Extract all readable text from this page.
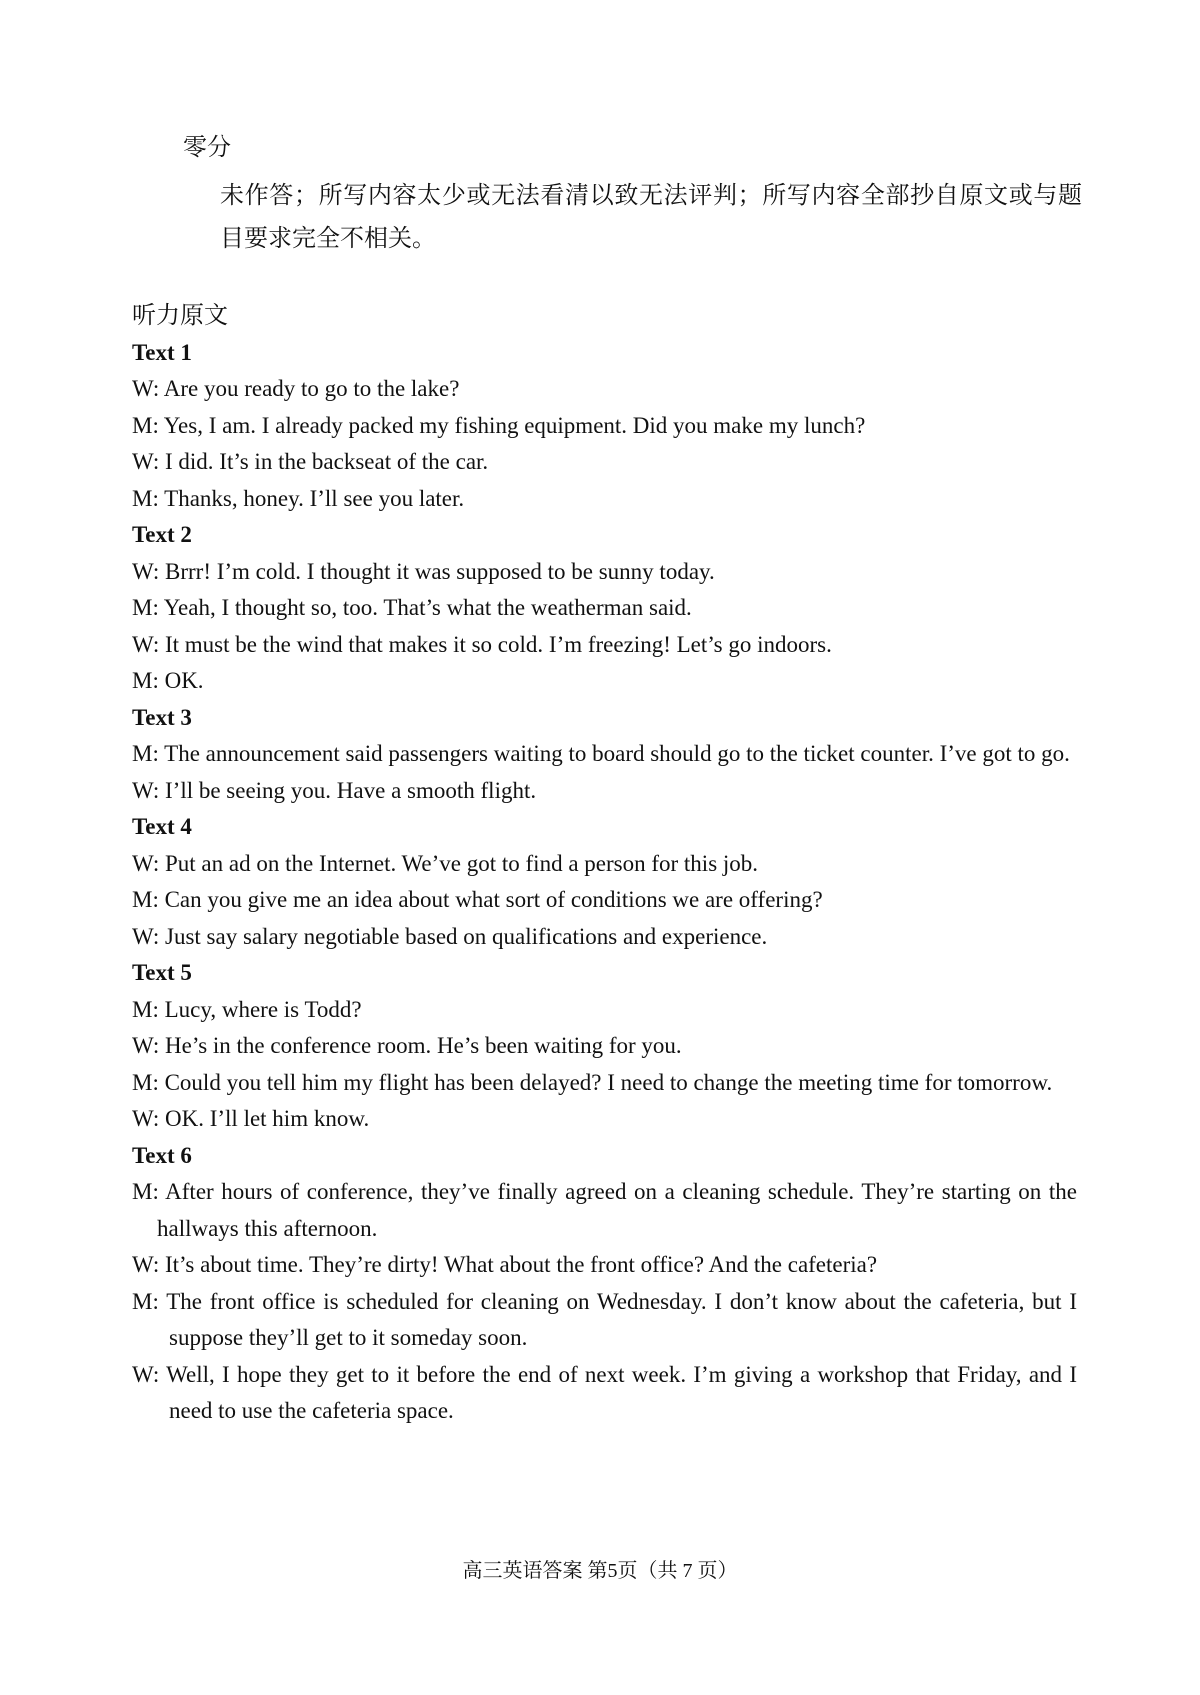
零分
未作答；所写内容太少或无法看清以致无法评判；所写内容全部抄自原文或与题目要求完全不相关。
听力原文
Text 1
W: Are you ready to go to the lake?
M: Yes, I am. I already packed my fishing equipment. Did you make my lunch?
W: I did. It’s in the backseat of the car.
M: Thanks, honey. I’ll see you later.
Text 2
W: Brrr! I’m cold. I thought it was supposed to be sunny today.
M: Yeah, I thought so, too. That’s what the weatherman said.
W: It must be the wind that makes it so cold. I’m freezing! Let’s go indoors.
M: OK.
Text 3
M: The announcement said passengers waiting to board should go to the ticket counter. I’ve got to go.
W: I’ll be seeing you. Have a smooth flight.
Text 4
W: Put an ad on the Internet. We’ve got to find a person for this job.
M: Can you give me an idea about what sort of conditions we are offering?
W: Just say salary negotiable based on qualifications and experience.
Text 5
M: Lucy, where is Todd?
W: He’s in the conference room. He’s been waiting for you.
M: Could you tell him my flight has been delayed? I need to change the meeting time for tomorrow.
W: OK. I’ll let him know.
Text 6
M: After hours of conference, they’ve finally agreed on a cleaning schedule. They’re starting on the hallways this afternoon.
W: It’s about time. They’re dirty! What about the front office? And the cafeteria?
M: The front office is scheduled for cleaning on Wednesday. I don’t know about the cafeteria, but I suppose they’ll get to it someday soon.
W: Well, I hope they get to it before the end of next week. I’m giving a workshop that Friday, and I need to use the cafeteria space.
高三英语答案 第5页（共 7 页）
